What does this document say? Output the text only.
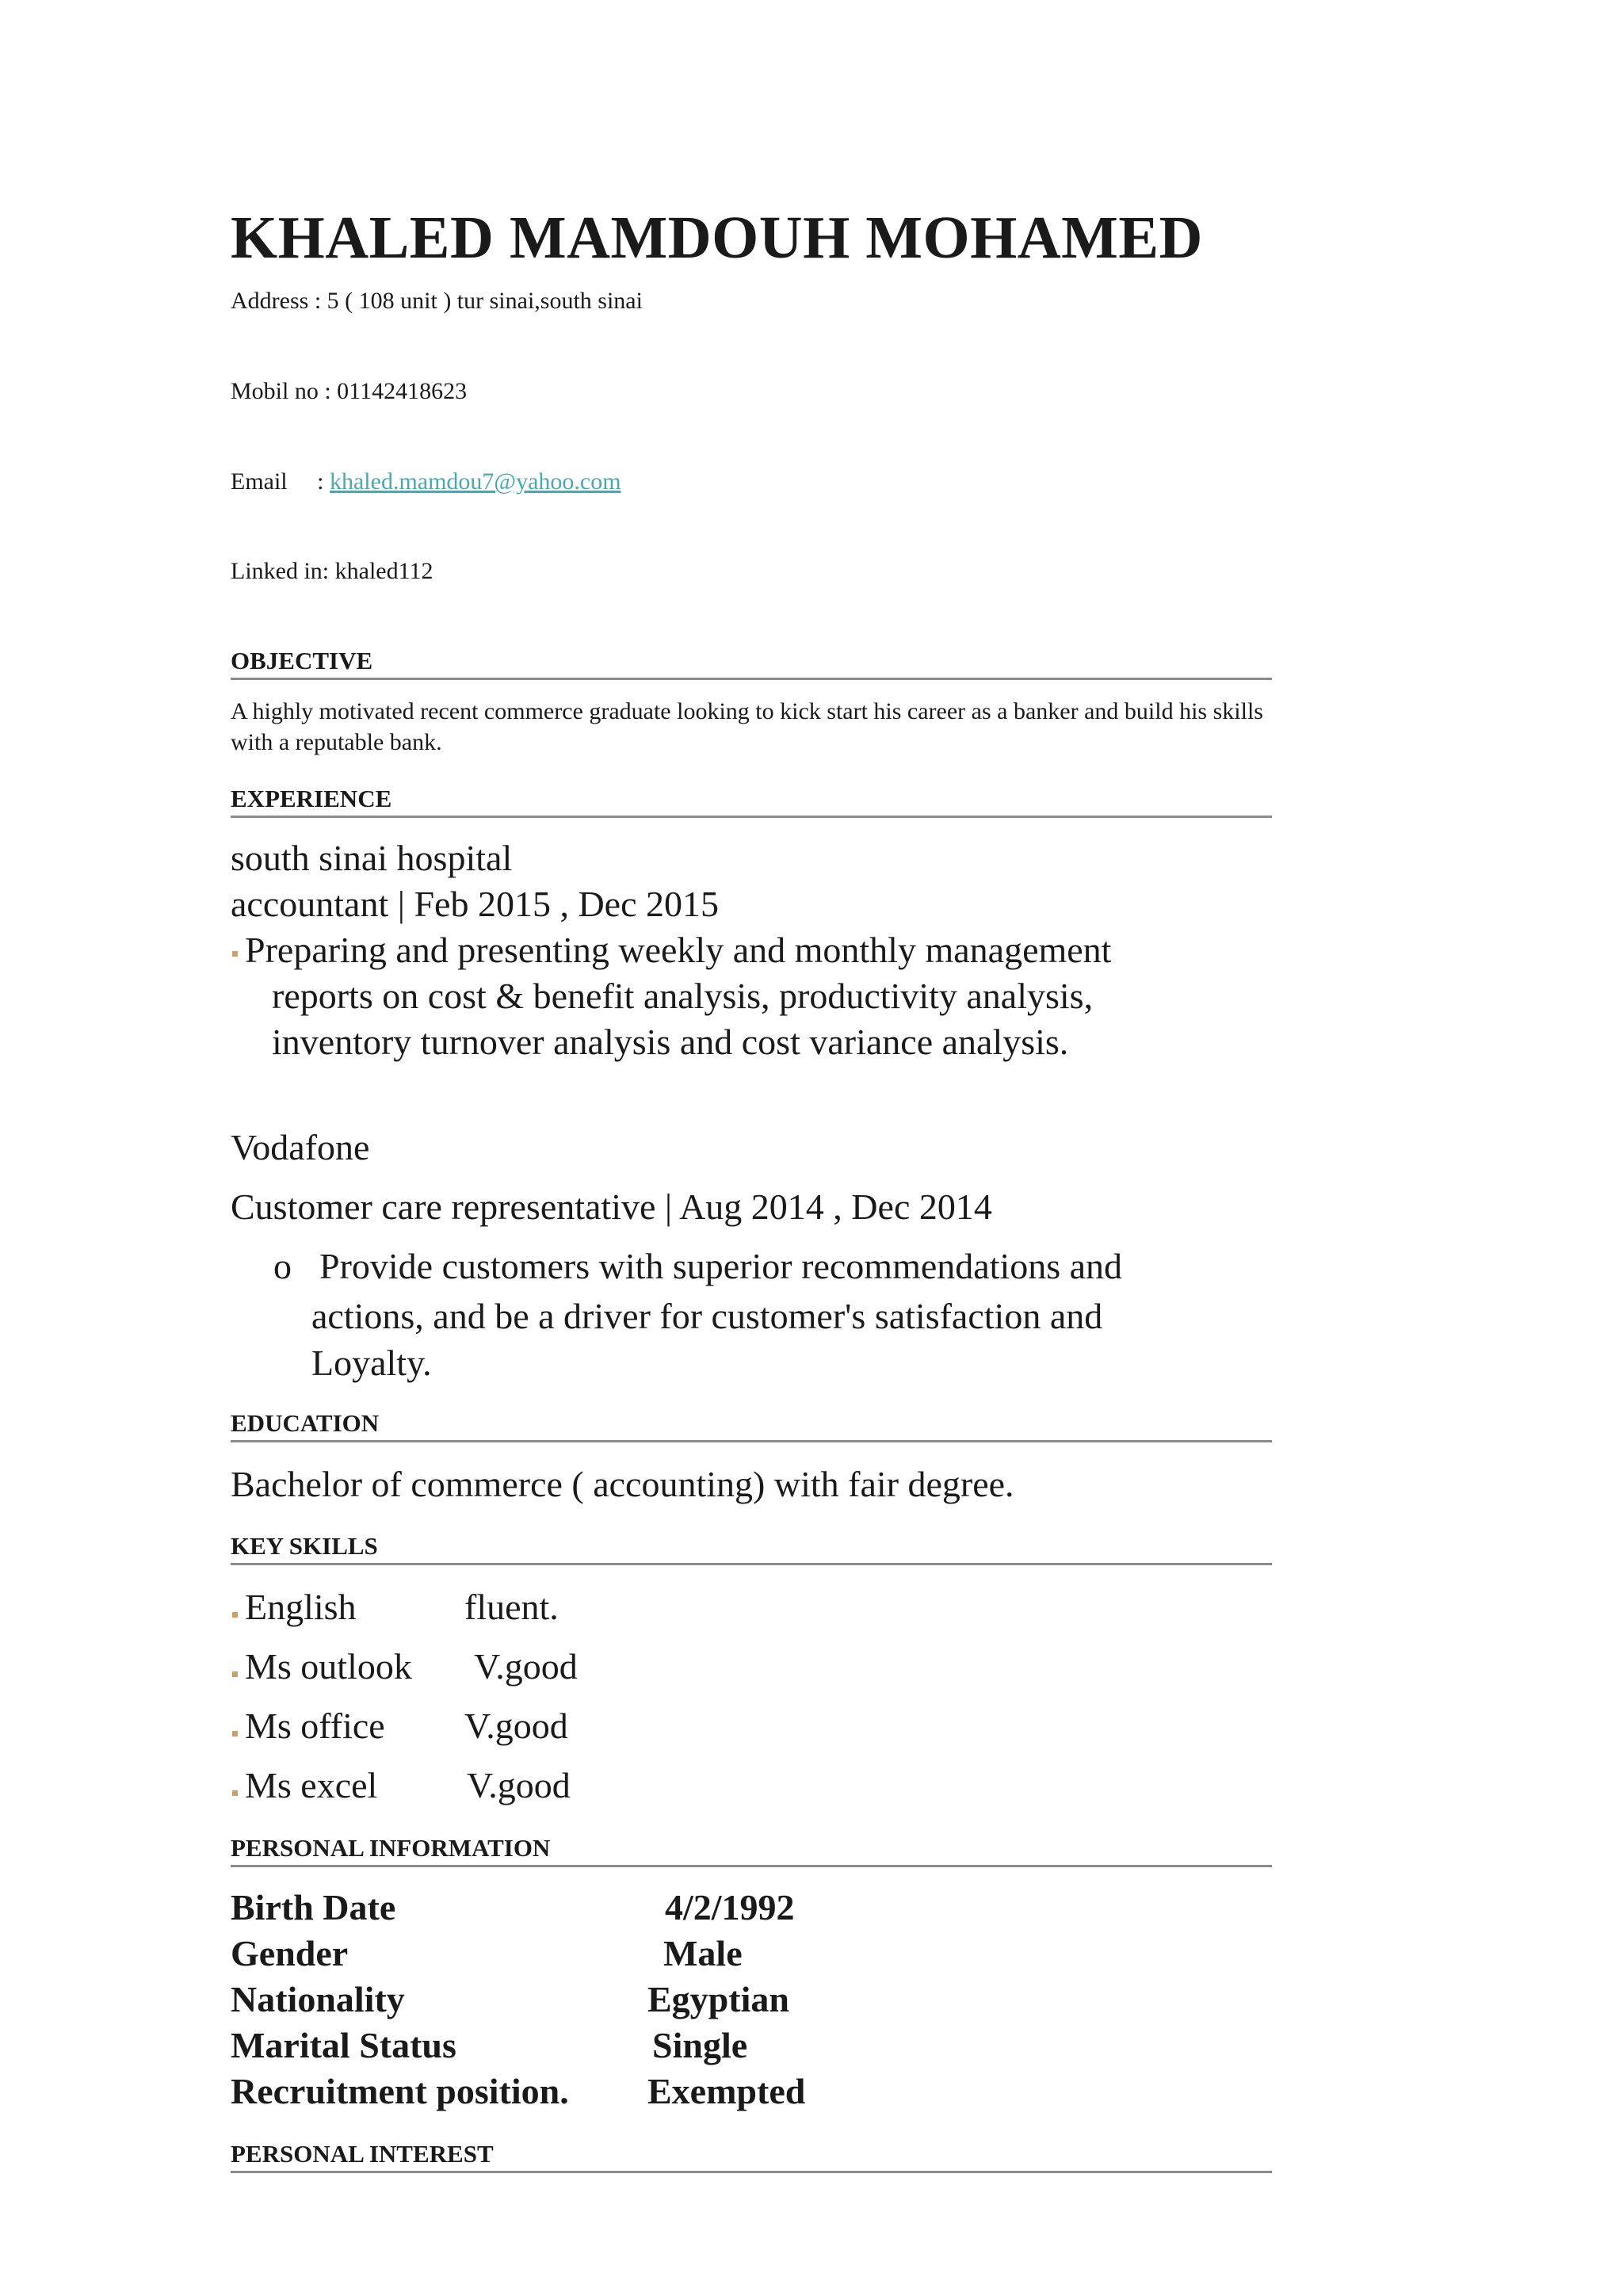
KHALED MAMDOUH MOHAMED
Address : 5 ( 108 unit ) tur sinai,south sinai
Mobil no : 01142418623
Email     : khaled.mamdou7@yahoo.com
Linked in: khaled112
OBJECTIVE
A highly motivated recent commerce graduate looking to kick start his career as a banker and build his skills with a reputable bank.
EXPERIENCE
south sinai hospital
accountant | Feb 2015 , Dec 2015
Preparing and presenting weekly and monthly management
reports on cost & benefit analysis, productivity analysis,
inventory turnover analysis and cost variance analysis.
Vodafone
Customer care representative | Aug 2014 , Dec 2014
o Provide customers with superior recommendations and
actions, and be a driver for customer's satisfaction and
Loyalty.
EDUCATION
Bachelor of commerce ( accounting) with fair degree.
KEY SKILLS
English	fluent.
Ms outlook V.good
Ms office V.good
Ms excel V.good
PERSONAL INFORMATION
Birth Date	4/2/1992
Gender	Male
Nationality	Egyptian
Marital Status	Single
Recruitment position. Exempted
PERSONAL INTEREST
